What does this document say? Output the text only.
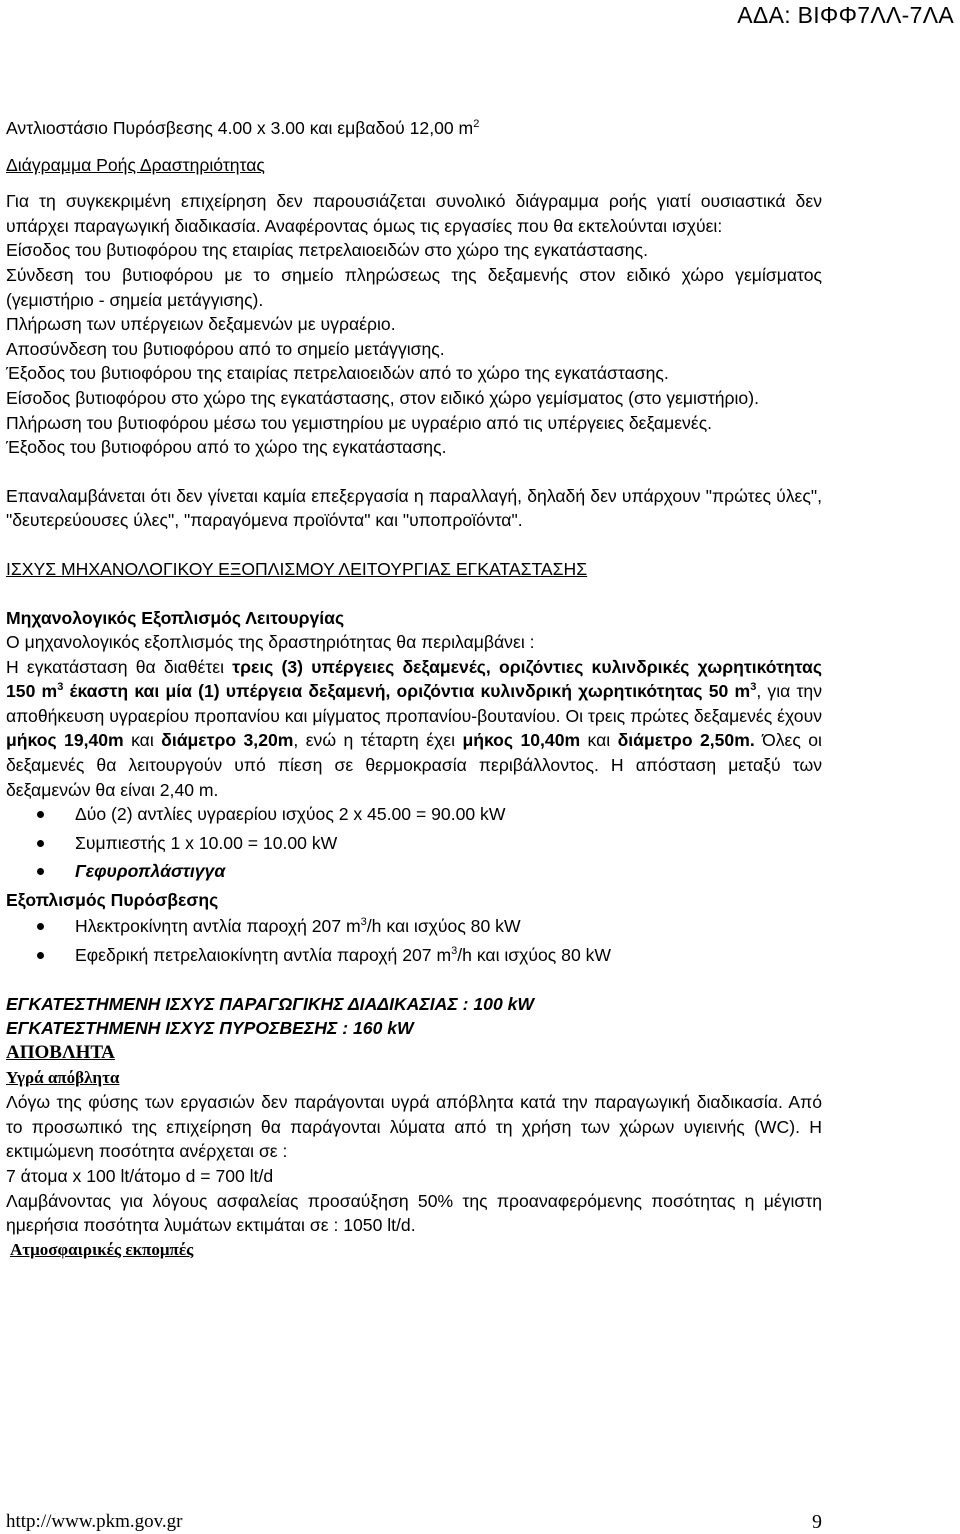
ΑΔΑ: ΒΙΦΦ7ΛΛ-7ΛΑ

Αντλιοστάσιο Πυρόσβεσης 4.00 x 3.00 και εμβαδού 12,00 $m^2$

Διάγραμμα Ροής Δραστηριότητας

Για τη συγκεκριμένη επιχείρηση δεν παρουσιάζεται συνολικό διάγραμμα ροής γιατί ουσιαστικά δεν υπάρχει παραγωγική διαδικασία. Αναφέροντας όμως τις εργασίες που θα εκτελούνται ισχύει:

Είσοδος του βυτιοφόρου της εταιρίας πετρελαιοειδών στο χώρο της εγκατάστασης.

Σύνδεση του βυτιοφόρου με το σημείο πληρώσεως της δεξαμενής στον ειδικό χώρο γεμίσματος (γεμιστήριο - σημεία μετάγγισης).

Πλήρωση των υπέργειων δεξαμενών με υγραέριο.

Αποσύνδεση του βυτιοφόρου από το σημείο μετάγγισης.

Έξοδος του βυτιοφόρου της εταιρίας πετρελαιοειδών από το χώρο της εγκατάστασης.

Είσοδος βυτιοφόρου στο χώρο της εγκατάστασης, στον ειδικό χώρο γεμίσματος (στο γεμιστήριο).

Πλήρωση του βυτιοφόρου μέσω του γεμιστηρίου με υγραέριο από τις υπέργειες δεξαμενές.

Έξοδος του βυτιοφόρου από το χώρο της εγκατάστασης.

Επαναλαμβάνεται ότι δεν γίνεται καμία επεξεργασία η παραλλαγή, δηλαδή δεν υπάρχουν "πρώτες ύλες", "δευτερεύουσες ύλες", "παραγόμενα προϊόντα" και "υποπροϊόντα".

ΙΣΧΥΣ ΜΗΧΑΝΟΛΟΓΙΚΟΥ ΕΞΟΠΛΙΣΜΟΥ ΛΕΙΤΟΥΡΓΙΑΣ ΕΓΚΑΤΑΣΤΑΣΗΣ

Μηχανολογικός Εξοπλισμός Λειτουργίας

Ο μηχανολογικός εξοπλισμός της δραστηριότητας θα περιλαμβάνει :

Η εγκατάσταση θα διαθέτει τρεις (3) υπέργειες δεξαμενές, οριζόντιες κυλινδρικές χωρητικότητας 150 $m^3$ έκαστη και μία (1) υπέργεια δεξαμενή, οριζόντια κυλινδρική χωρητικότητας 50 $m^3$, για την αποθήκευση υγραερίου προπανίου και μίγματος προπανίου-βουτανίου. Οι τρεις πρώτες δεξαμενές έχουν μήκος 19,40m και διάμετρο 3,20m, ενώ η τέταρτη έχει μήκος 10,40m και διάμετρο 2,50m. Όλες οι δεξαμενές θα λειτουργούν υπό πίεση σε θερμοκρασία περιβάλλοντος. Η απόσταση μεταξύ των δεξαμενών θα είναι 2,40 m.

Δύο (2) αντλίες υγραερίου ισχύος 2 x 45.00 = 90.00 kW
Συμπιεστής 1 x 10.00 = 10.00 kW
Γεφυροπλάστιγγα

Εξοπλισμός Πυρόσβεσης

Ηλεκτροκίνητη αντλία παροχή 207 $m^3/h$ και ισχύος 80 kW
Εφεδρική πετρελαιοκίνητη αντλία παροχή 207 $m^3/h$ και ισχύος 80 kW

ΕΓΚΑΤΕΣΤΗΜΕΝΗ ΙΣΧΥΣ ΠΑΡΑΓΩΓΙΚΗΣ ΔΙΑΔΙΚΑΣΙΑΣ : 100 kW

ΕΓΚΑΤΕΣΤΗΜΕΝΗ ΙΣΧΥΣ ΠΥΡΟΣΒΕΣΗΣ : 160 kW

ΑΠΟΒΛΗΤΑ

Υγρά απόβλητα

Λόγω της φύσης των εργασιών δεν παράγονται υγρά απόβλητα κατά την παραγωγική διαδικασία. Από το προσωπικό της επιχείρηση θα παράγονται λύματα από τη χρήση των χώρων υγιεινής (WC). Η εκτιμώμενη ποσότητα ανέρχεται σε :

7 άτομα x 100 lt/άτομο d = 700 lt/d

Λαμβάνοντας για λόγους ασφαλείας προσαύξηση 50% της προαναφερόμενης ποσότητας η μέγιστη ημερήσια ποσότητα λυμάτων εκτιμάται σε : 1050 lt/d.

Ατμοσφαιρικές εκπομπές

http://www.pkm.gov.gr	9
